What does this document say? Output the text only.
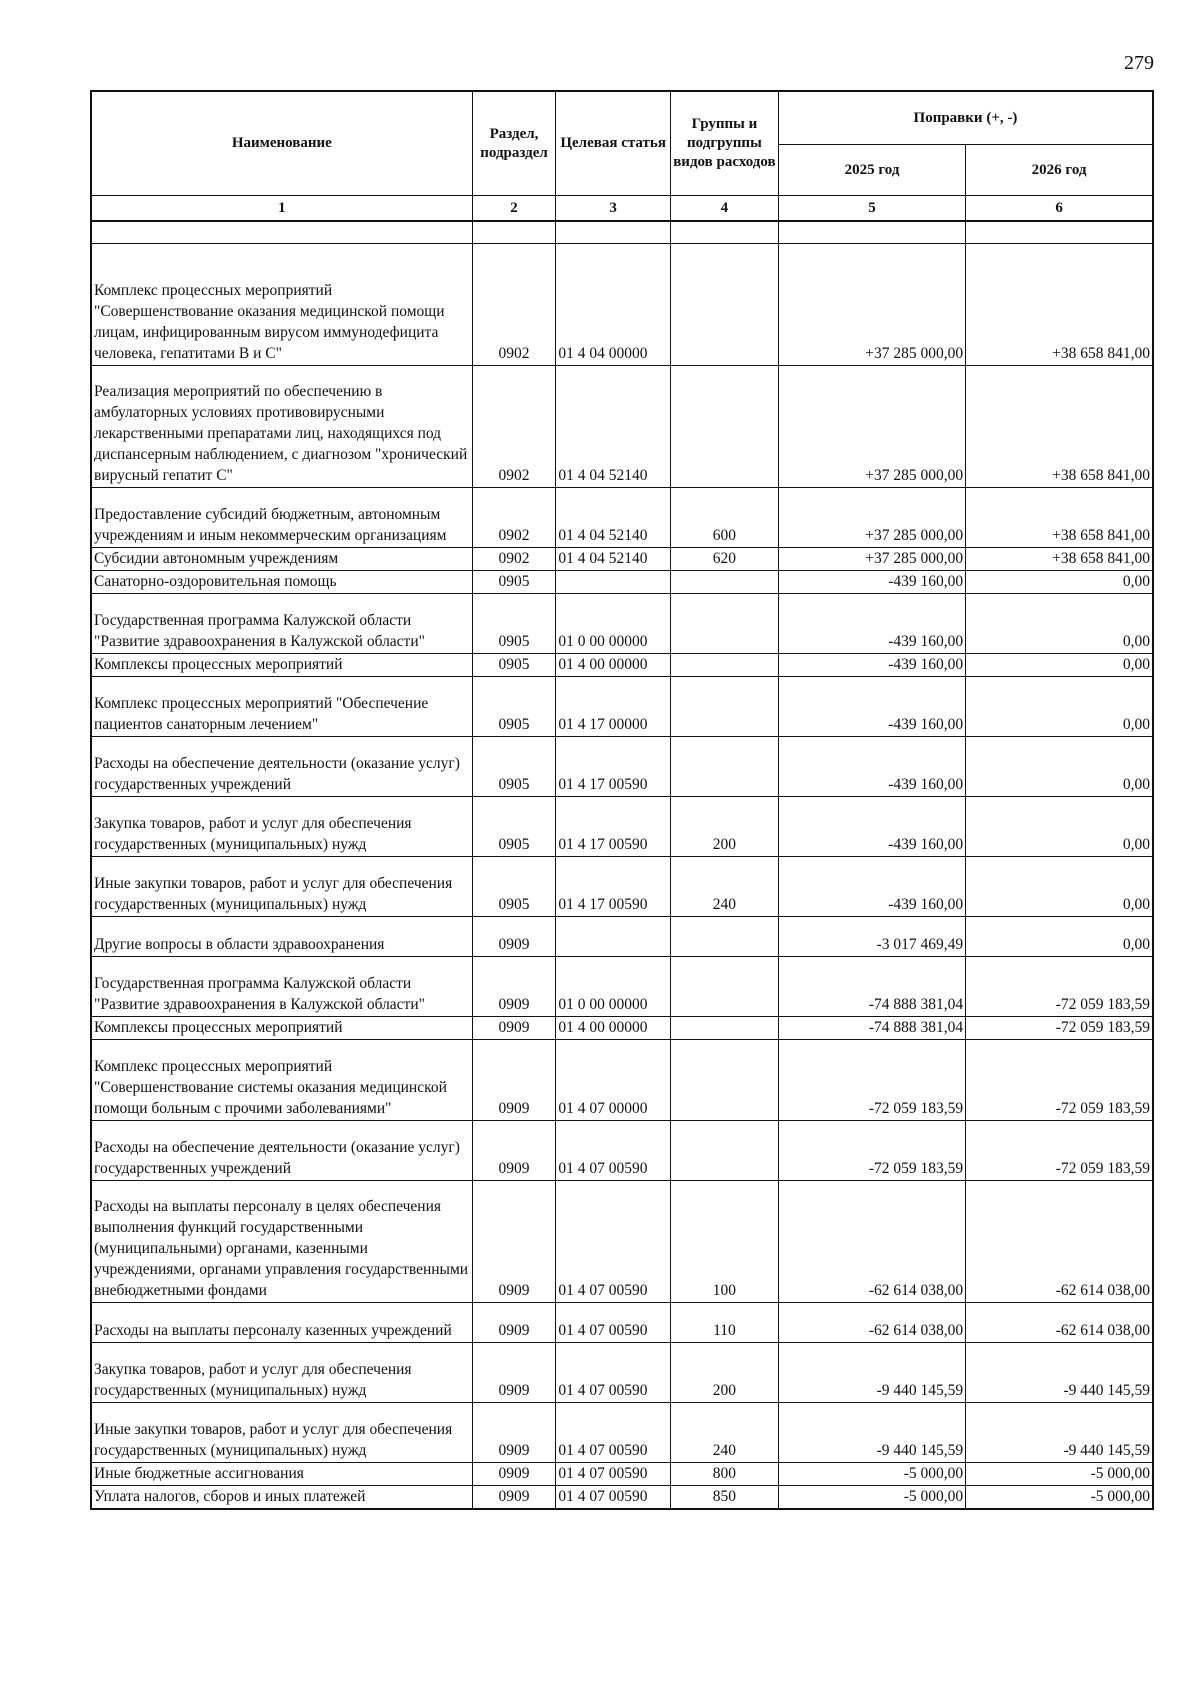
279
Наименование	Раздел, подраздел	Целевая статья	Группы и подгруппы видов расходов	Поправки (+, -)	
				2025 год	2026 год
1	2	3	4	5	6

Комплекс процессных мероприятий "Совершенствование оказания медицинской помощи лицам, инфицированным вирусом иммунодефицита человека, гепатитами В и С"	0902	01 4 04 00000		+37 285 000,00	+38 658 841,00
Реализация мероприятий по обеспечению в амбулаторных условиях противовирусными лекарственными препаратами лиц, находящихся под диспансерным наблюдением, с диагнозом "хронический вирусный гепатит С"	0902	01 4 04 52140		+37 285 000,00	+38 658 841,00
Предоставление субсидий бюджетным, автономным учреждениям и иным некоммерческим организациям	0902	01 4 04 52140	600	+37 285 000,00	+38 658 841,00
Субсидии автономным учреждениям	0902	01 4 04 52140	620	+37 285 000,00	+38 658 841,00
Санаторно-оздоровительная помощь	0905			-439 160,00	0,00
Государственная программа Калужской области "Развитие здравоохранения в Калужской области"	0905	01 0 00 00000		-439 160,00	0,00
Комплексы процессных мероприятий	0905	01 4 00 00000		-439 160,00	0,00
Комплекс процессных мероприятий "Обеспечение пациентов санаторным лечением"	0905	01 4 17 00000		-439 160,00	0,00
Расходы на обеспечение деятельности (оказание услуг) государственных учреждений	0905	01 4 17 00590		-439 160,00	0,00
Закупка товаров, работ и услуг для обеспечения государственных (муниципальных) нужд	0905	01 4 17 00590	200	-439 160,00	0,00
Иные закупки товаров, работ и услуг для обеспечения государственных (муниципальных) нужд	0905	01 4 17 00590	240	-439 160,00	0,00
Другие вопросы в области здравоохранения	0909			-3 017 469,49	0,00
Государственная программа Калужской области "Развитие здравоохранения в Калужской области"	0909	01 0 00 00000		-74 888 381,04	-72 059 183,59
Комплексы процессных мероприятий	0909	01 4 00 00000		-74 888 381,04	-72 059 183,59
Комплекс процессных мероприятий "Совершенствование системы оказания медицинской помощи больным с прочими заболеваниями"	0909	01 4 07 00000		-72 059 183,59	-72 059 183,59
Расходы на обеспечение деятельности (оказание услуг) государственных учреждений	0909	01 4 07 00590		-72 059 183,59	-72 059 183,59
Расходы на выплаты персоналу в целях обеспечения выполнения функций государственными (муниципальными) органами, казенными учреждениями, органами управления государственными внебюджетными фондами	0909	01 4 07 00590	100	-62 614 038,00	-62 614 038,00
Расходы на выплаты персоналу казенных учреждений	0909	01 4 07 00590	110	-62 614 038,00	-62 614 038,00
Закупка товаров, работ и услуг для обеспечения государственных (муниципальных) нужд	0909	01 4 07 00590	200	-9 440 145,59	-9 440 145,59
Иные закупки товаров, работ и услуг для обеспечения государственных (муниципальных) нужд	0909	01 4 07 00590	240	-9 440 145,59	-9 440 145,59
Иные бюджетные ассигнования	0909	01 4 07 00590	800	-5 000,00	-5 000,00
Уплата налогов, сборов и иных платежей	0909	01 4 07 00590	850	-5 000,00	-5 000,00
